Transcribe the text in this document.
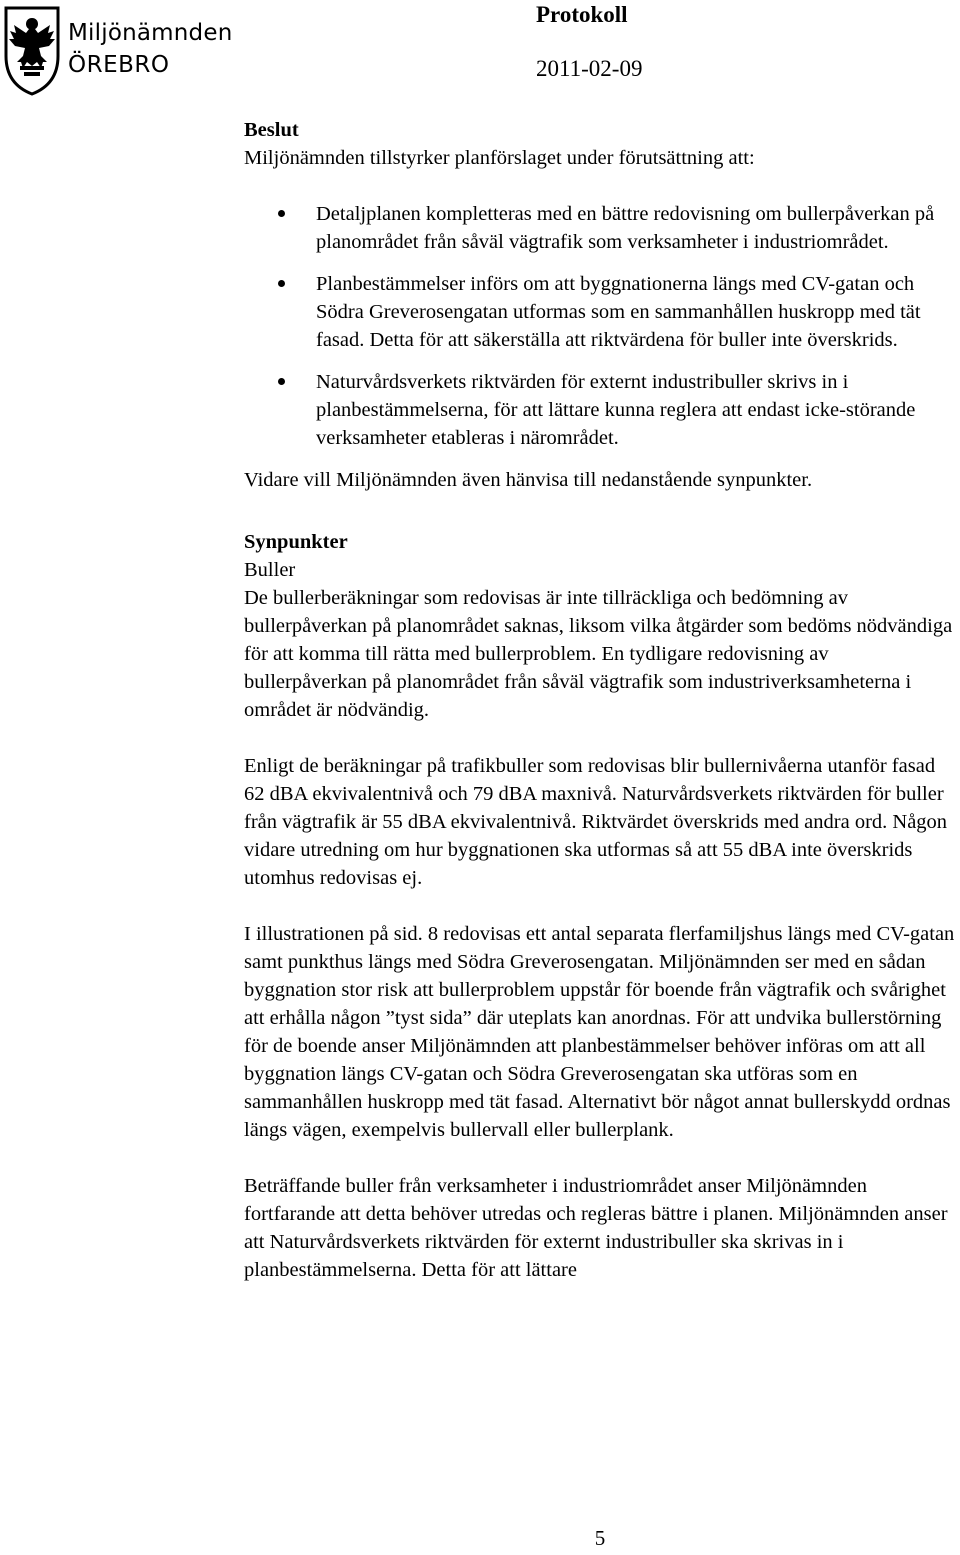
Miljönämnden
ÖREBRO
Protokoll
2011-02-09

Beslut

Miljönämnden tillstyrker planförslaget under förutsättning att:

Detaljplanen kompletteras med en bättre redovisning om bullerpåverkan på planområdet från såväl vägtrafik som verksamheter i industriområdet.
Planbestämmelser införs om att byggnationerna längs med CV-gatan och Södra Greverosengatan utformas som en sammanhållen huskropp med tät fasad. Detta för att säkerställa att riktvärdena för buller inte överskrids.
Naturvårdsverkets riktvärden för externt industribuller skrivs in i planbestämmelserna, för att lättare kunna reglera att endast icke-störande verksamheter etableras i närområdet.

Vidare vill Miljönämnden även hänvisa till nedanstående synpunkter.

Synpunkter

Buller

De bullerberäkningar som redovisas är inte tillräckliga och bedömning av bullerpåverkan på planområdet saknas, liksom vilka åtgärder som bedöms nödvändiga för att komma till rätta med bullerproblem. En tydligare redovisning av bullerpåverkan på planområdet från såväl vägtrafik som industriverksamheterna i området är nödvändig.

Enligt de beräkningar på trafikbuller som redovisas blir bullernivåerna utanför fasad 62 dBA ekvivalentnivå och 79 dBA maxnivå. Naturvårdsverkets riktvärden för buller från vägtrafik är 55 dBA ekvivalentnivå. Riktvärdet överskrids med andra ord. Någon vidare utredning om hur byggnationen ska utformas så att 55 dBA inte överskrids utomhus redovisas ej.

I illustrationen på sid. 8 redovisas ett antal separata flerfamiljshus längs med CV-gatan samt punkthus längs med Södra Greverosengatan. Miljönämnden ser med en sådan byggnation stor risk att bullerproblem uppstår för boende från vägtrafik och svårighet att erhålla någon ”tyst sida” där uteplats kan anordnas. För att undvika bullerstörning för de boende anser Miljönämnden att planbestämmelser behöver införas om att all byggnation längs CV-gatan och Södra Greverosengatan ska utföras som en sammanhållen huskropp med tät fasad. Alternativt bör något annat bullerskydd ordnas längs vägen, exempelvis bullervall eller bullerplank.

Beträffande buller från verksamheter i industriområdet anser Miljönämnden fortfarande att detta behöver utredas och regleras bättre i planen. Miljönämnden anser att Naturvårdsverkets riktvärden för externt industribuller ska skrivas in i planbestämmelserna. Detta för att lättare

5
